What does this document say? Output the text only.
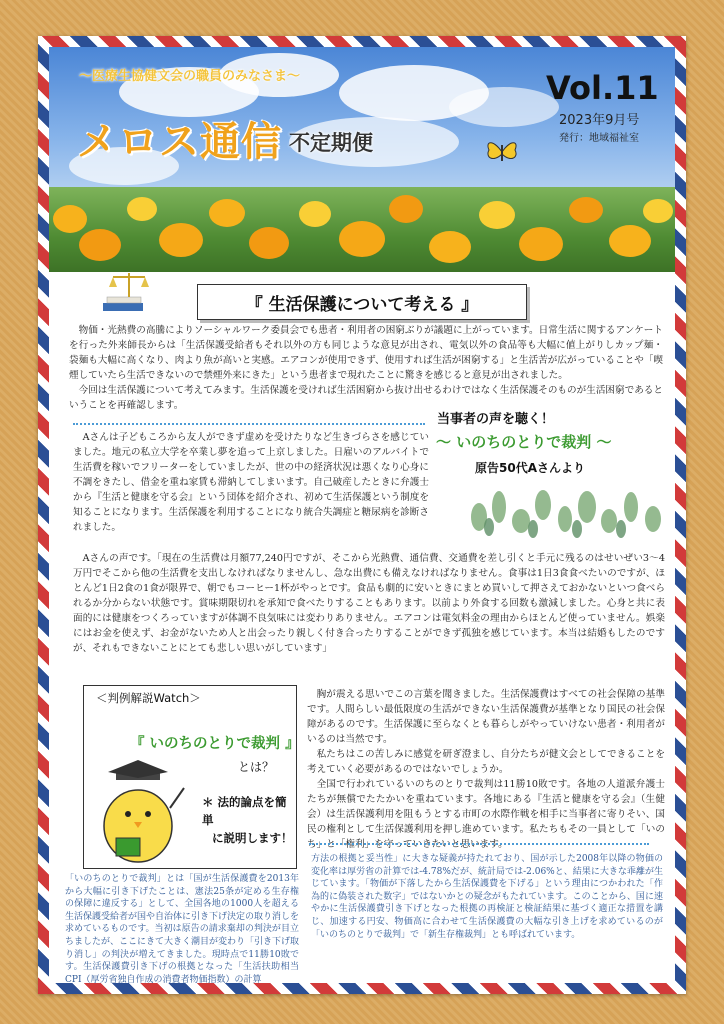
〜医療生協健文会の職員のみなさま〜
メロス通信 不定期便
Vol.11
2023年9月号
発行：地域福祉室
『 生活保護について考える 』

物価・光熱費の高騰によりソーシャルワーク委員会でも患者・利用者の困窮ぶりが議題に上がっています。日常生活に関するアンケートを行った外来師長からは「生活保護受給者もそれ以外の方も同じような意見が出され、電気以外の食品等も大幅に値上がりしカップ麺・袋麺も大幅に高くなり、肉より魚が高いと実感。エアコンが使用できず、使用すれば生活が困窮する」と生活苦が広がっていることや「喫煙していたら生活できないので禁煙外来にきた」という患者まで現れたことに驚きを感じると意見が出されました。

今回は生活保護について考えてみます。生活保護を受ければ生活困窮から抜け出せるわけではなく生活保護そのものが生活困窮であるということを再確認します。

Aさんは子どもころから友人ができず虚めを受けたりなど生きづらさを感じていました。地元の私立大学を卒業し夢を追って上京しました。日雇いのアルバイトで生活費を稼いでフリーターをしていましたが、世の中の経済状況は悪くなり心身に不調をきたし、借金を重ね家賃も滞納してしまいます。自己破産したときに弁護士から『生活と健康を守る会』という団体を紹介され、初めて生活保護という制度を知ることになります。生活保護を利用することになり統合失調症と糖尿病を診断されました。

当事者の声を聴く！
〜 いのちのとりで裁判 〜
原告50代Aさんより

Aさんの声です。「現在の生活費は月額77,240円ですが、そこから光熱費、通信費、交通費を差し引くと手元に残るのはせいぜい3〜4万円でそこから他の生活費を支出しなければなりませんし、急な出費にも備えなければなりません。食事は1日3食食べたいのですが、ほとんど1日2食の1食が限界で、朝でもコーヒー1杯がやっとです。食品も劇的に安いときにまとめ買いして押さえておかないといつ食べられるか分からない状態です。賞味期限切れを承知で食べたりすることもあります。以前より外食する回数も激減しました。心身と共に表面的には健康をつくろっていますが体調不良気味には変わりありません。エアコンは電気料金の理由からほとんど使っていません。娯楽にはお金を使えず、お金がないため人と出会ったり親しく付き合ったりすることができず孤独を感じています。本当は結婚もしたのですが、それもできないことにとても悲しい思いがしています」

＜判例解説Watch＞
『 いのちのとりで裁判 』
とは？
＊ 法的論点を簡単
に説明します！

胸が震える思いでこの言葉を聞きました。生活保護費はすべての社会保障の基準です。人間らしい最低限度の生活ができない生活保護費が基準となり国民の社会保障があるのです。生活保護に至らなくとも暮らしがやっていけない患者・利用者がいるのは当然です。

私たちはこの苦しみに感覚を研ぎ澄まし、自分たちが健文会としてできることを考えていく必要があるのではないでしょうか。

全国で行われているいのちのとりで裁判は11勝10敗です。各地の人道派弁護士たちが無償でたたかいを重ねています。各地にある『生活と健康を守る会』（生健会）は生活保護利用を阻もうとする市町の水際作戦を相手に当事者に寄りそい、国民の権利として生活保護利用を押し進めています。私たちもその一員として「いのち」と「権利」を守っていきたいと思います。

「いのちのとりで裁判」とは「国が生活保護費を2013年から大幅に引き下げたことは、憲法25条が定める生存権の保障に違反する」として、全国各地の1000人を超える生活保護受給者が国や自治体に引き下げ決定の取り消しを求めているものです。当初は原告の請求棄却の判決が目立ちましたが、ここにきて大きく潮目が変わり「引き下げ取り消し」の判決が増えてきました。現時点で11勝10敗です。生活保護費引き下げの根拠となった「生活扶助相当CPI（厚労省独自作成の消費者物価指数）の計算

方法の根拠と妥当性」に大きな疑義が持たれており、国が示した2008年以降の物価の変化率は厚労省の計算では-4.78%だが、統計局では-2.06%と、結果に大きな乖離が生じています。「物価が下落したから生活保護費を下げる」という理由につかわれた「作為的に偽装された数字」ではないかとの疑念がもたれています。このことから、国に速やかに生活保護費引き下げとなった根拠の再検証と検証結果に基づく適正な措置を講じ、加速する円安、物価高に合わせて生活保護費の大幅な引き上げを求めているのが「いのちのとりで裁判」で「新生存権裁判」とも呼ばれています。
